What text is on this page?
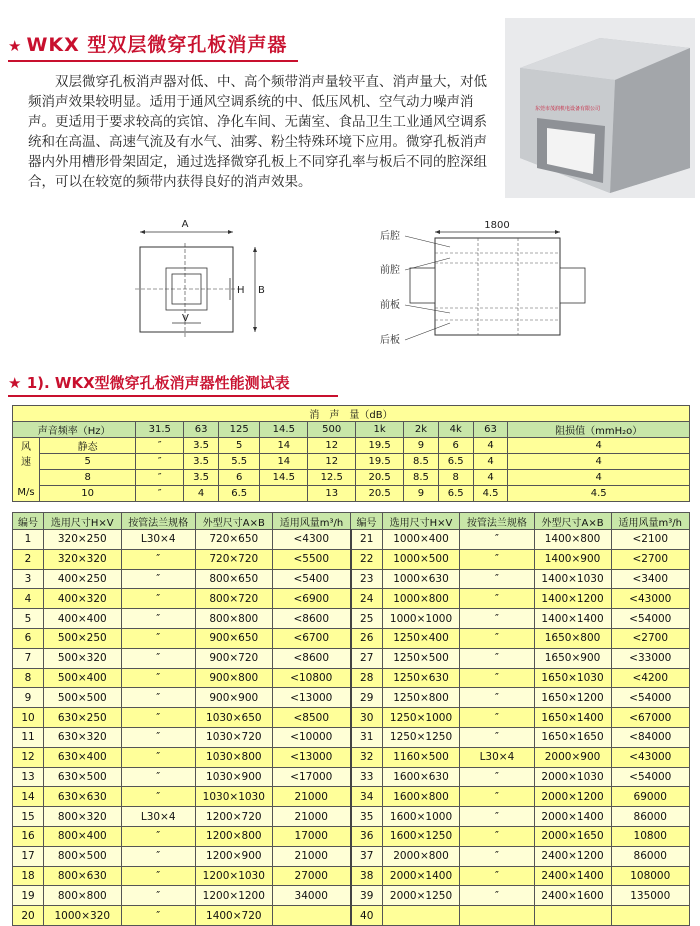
★ WKX 型双层微穿孔板消声器

双层微穿孔板消声器对低、中、高个频带消声量较平直、消声量大，对低频消声效果较明显。适用于通风空调系统的中、低压风机、空气动力噪声消声。更适用于要求较高的宾馆、净化车间、无菌室、食品卫生工业通风空调系统和在高温、高速气流及有水气、油雾、粉尘特殊环境下应用。微穿孔板消声器内外用槽形骨架固定，通过选择微穿孔板上不同穿孔率与板后不同的腔深组合，可以在较宽的频带内获得良好的消声效果。

东莞市茂润机电设备有限公司
A
H B
V
1800
后腔
前腔
前板
后板
★ 1). WKX型微穿孔板消声器性能测试表
消　声　量（dB）											
声音频率（Hz）		31.5	63	125	14.5	500	1k	2k	4k	63	阻损值（mmH₂o）
风
速

M/s	静态	″	3.5	5	14	12	19.5	9	6	4	4
	5	″	3.5	5.5	14	12	19.5	8.5	6.5	4	4
	8	″	3.5	6	14.5	12.5	20.5	8.5	8	4	4
	10	″	4	6.5		13	20.5	9	6.5	4.5	4.5
编号	选用尺寸H×V	按管法兰规格	外型尺寸A×B	适用风量m³/h	编号	选用尺寸H×V	按管法兰规格	外型尺寸A×B	适用风量m³/h
1	320×250	L30×4	720×650	<4300	21	1000×400	″	1400×800	<2100
2	320×320	″	720×720	<5500	22	1000×500	″	1400×900	<2700
3	400×250	″	800×650	<5400	23	1000×630	″	1400×1030	<3400
4	400×320	″	800×720	<6900	24	1000×800	″	1400×1200	<43000
5	400×400	″	800×800	<8600	25	1000×1000	″	1400×1400	<54000
6	500×250	″	900×650	<6700	26	1250×400	″	1650×800	<2700
7	500×320	″	900×720	<8600	27	1250×500	″	1650×900	<33000
8	500×400	″	900×800	<10800	28	1250×630	″	1650×1030	<4200
9	500×500	″	900×900	<13000	29	1250×800	″	1650×1200	<54000
10	630×250	″	1030×650	<8500	30	1250×1000	″	1650×1400	<67000
11	630×320	″	1030×720	<10000	31	1250×1250	″	1650×1650	<84000
12	630×400	″	1030×800	<13000	32	1160×500	L30×4	2000×900	<43000
13	630×500	″	1030×900	<17000	33	1600×630	″	2000×1030	<54000
14	630×630	″	1030×1030	21000	34	1600×800	″	2000×1200	69000
15	800×320	L30×4	1200×720	21000	35	1600×1000	″	2000×1400	86000
16	800×400	″	1200×800	17000	36	1600×1250	″	2000×1650	10800
17	800×500	″	1200×900	21000	37	2000×800	″	2400×1200	86000
18	800×630	″	1200×1030	27000	38	2000×1400	″	2400×1400	108000
19	800×800	″	1200×1200	34000	39	2000×1250	″	2400×1600	135000
20	1000×320	″	1400×720		40				
